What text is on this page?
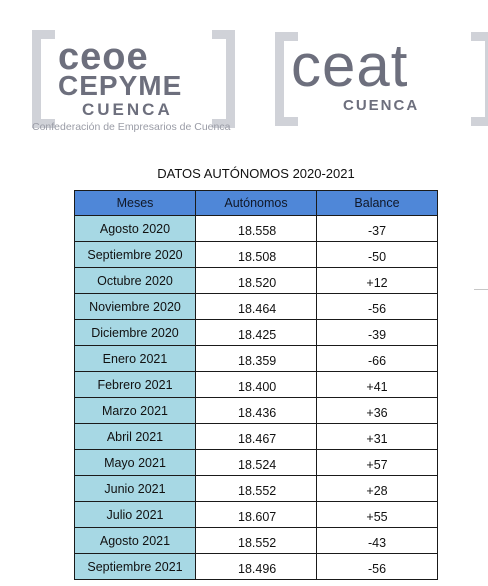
ceoe
CEPYME
CUENCA
Confederación de Empresarios de Cuenca
ceat
CUENCA
DATOS AUTÓNOMOS 2020-2021
Meses	Autónomos	Balance
Agosto 2020	18.558	-37
Septiembre 2020	18.508	-50
Octubre 2020	18.520	+12
Noviembre 2020	18.464	-56
Diciembre 2020	18.425	-39
Enero 2021	18.359	-66
Febrero 2021	18.400	+41
Marzo 2021	18.436	+36
Abril 2021	18.467	+31
Mayo 2021	18.524	+57
Junio 2021	18.552	+28
Julio 2021	18.607	+55
Agosto 2021	18.552	-43
Septiembre 2021	18.496	-56
